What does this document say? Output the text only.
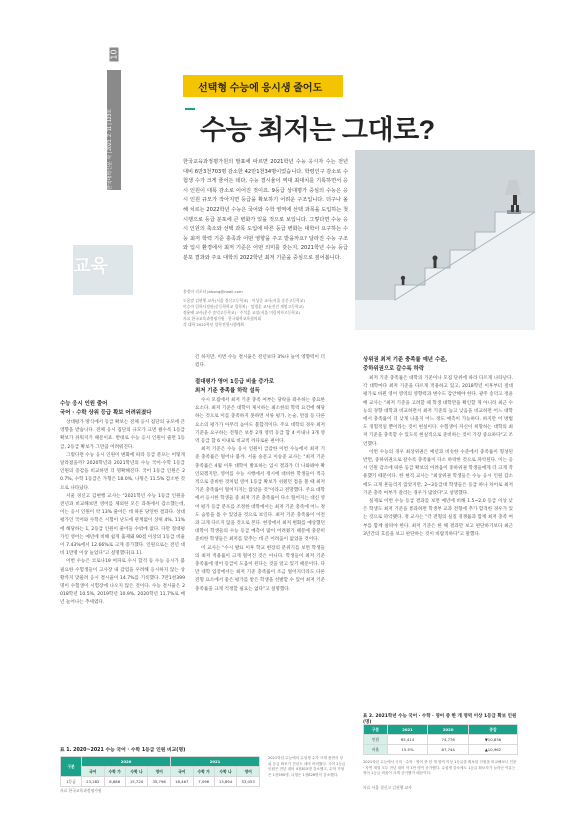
한국대학신문 사 | 2021. 2. 11 | 123호
10
교육
선택형 수능에 응시생 줄어도
수능 최저는 그대로?
한국교육과정평가원의 발표에 따르면 2021학년 수능 응시자 수는 전년 대비 6만3천703명 감소한 42만1천34명이었습니다. 학령인구 감소로 수험생 수가 크게 줄어든 데다, 수능 결시율이 역대 최대치를 기록하면서 응시 인원이 대폭 감소로 이어진 것이죠. 9등급 상대평가 중심의 수능은 응시 인원 규모가 작아지면 등급을 확보하기 어려운 구조입니다. 더구나 올해 치르는 2022학년 수능은 국어와 수학 영역에 선택 과목을 도입하는 첫 시행으로 등급 분포에 큰 변화가 있을 것으로 보입니다. 그렇다면 수능 응시 인원의 축소와 선택 과목 도입에 따른 등급 변화는 대학이 요구하는 수능 최저 학력 기준 충족과 어떤 영향을 주고 받을까요? 달라진 수능 구조와 입시 환경에서 최저 기준은 어떤 의미를 갖는지, 2021학년 수능 등급 분포 결과와 주요 대학의 2022학년 최저 기준을 중심으로 짚어봅니다.
홍정아 리포터 jahong@naeil.com
도움말 김현행 교사(서울 경신고등학교) · 이성준 교사(서울 숭문고등학교)
이승아 입학사정관(중등학학교 입학처) · 임병훈 교사(진건 계범고등학교)
정윤배 교사(운주 송덕고등학교) · 주석훈 교장(서울 미림여자고등학교)
자료 한국교육과정평가원 · 한국대학교육협의회
각 대학 2022학년 입학전형시행계획
수능 응시 인원 줄어
국어 · 수학 상위 등급 확보 어려워졌다

상대평가 방식에서 등급 확보는 전체 응시 집단의 규모에 큰 영향을 받습니다. 전체 응시 집단의 규모가 크면 클수록 1등급 확보가 쉬워지기 때문이죠. 반대로 수능 응시 인원이 줄면 1등급, 2등급 확보가 그만큼 어려워진다.

그렇다면 수능 응시 인원이 변화에 따라 등급 분포는 어떻게 달라졌을까? 2020학년과 2021학년의 수능 국어·수학 1등급 인원의 증감을 비교하면 더 명확해진다. 국어 1등급 인원은 20.7%, 수학 1등급은 가형은 18.0%, 나형은 11.5% 감소한 것으로 나타났다.

서울 경신고 김현행 교사는 "2021학년 수능 1등급 인원을 전년과 비교해보면 영어를 제외한 모든 과목에서 감소했는데, 이는 응시 인원이 약 13% 줄어든 데 따른 당연한 결과다. 상대평가인 국어와 수학은 시험이 난도에 관계없이 상위 4%, 11%에 해당하는 1, 2등급 인원이 줄어들 수밖에 없다. 다만 절대평가인 영어는 예년에 비해 쉽게 출제돼 90점 이상의 1등급 비율이 7.43%에서 12.66%로 크게 증가했다. 인원으로는 전년 대비 1만명 이상 늘었다"고 설명했다[표 1].

이번 수능은 코로나19 여파로 수시 합격 등 수능 응시가 불필요한 수험생들이 고사장 내 감염을 우려해 응시하지 않는 상황까지 맞물려 응시 결시율이 14.7%를 기록했다. 7만1천399명이 수험생이 시험장에 나오지 않은 것이다. 수능 결시율은 2018학년 10.5%, 2019학년 10.9%, 2020학년 11.7%로 매년 늘어나는 추세였다.

긴 하지만, 이번 수능 결시율은 전년보다 3%나 늘어 영향력이 더 컸다.
절대평가 영어 1등급 비율 증가로
최저 기준 충족률 하락 설득

수시 모집에서 최저 기준 충족 여부는 당락을 좌우하는 중요한 요소다. 최저 기준은 대학이 제시하는 최소한의 학력 요건에 해당하는 것으로 이를 충족하지 못하면 서류 평가, 논술, 면접 등 다른 요소의 평가가 아무리 높아도 불합격이다. 주요 대학의 경우 최저 기준을 요구하는 전형은 보통 2개 영역 등급 합 4 이내나 3개 영역 등급 합 6 이내로 비교적 까다로운 편이다.

최저 기준은 수능 응시 인원이 급감한 이번 수능에서 최저 기준 충족률은 떨어나 불까. 서울 숭문고 이승준 교사는 "최저 기준 충족률은 4월 이후 대학이 발표하는 입시 결과가 더 나와봐야 확인되겠지만, 영어를 수능 시행에서 정시에 대비한 학생들이 적극적으로 준비한 것처럼 영어 1등급 확보가 쉬웠던 점을 볼 때 최저 기준 충족률이 떨어지지는 않았을 것"이라고 전망했다. 주요 대학에서 응시한 학생들 중 최저 기준 충족률이 다소 떨어지는 대신 영어 평가 등급 분포를 조정한 대학에서는 최저 기준 충족에 어느 정도 숨통을 틀 수 있었을 것으로 보인다. 최저 기준 충족률이 이전과 크게 다르지 않을 것으로 본다. 현장에서 최저 변화를 예상했던 대학이 학생들의 수능 등급 예측이 많이 어려웠기 때문에 충분히 준비한 학생들은 최저를 맞추는 데 큰 어려움이 없었을 것이다.

이 교사는 "수시 발표 이후 학교 현장의 분위기를 보면 학생들의 최저 적용률이 크게 떨어진 것은 아니다. 학생들이 최저 기준 충족률에 영어 등급이 도움이 된다는 것을 알고 있기 때문이다. 다만 대학 입장에서는 최저 기준 충족률이 조금 떨어지더라도 다른 전형 요소에서 좋은 평가를 받은 학생을 선발할 수 있어 최저 기준 충족률을 크게 걱정할 필요는 없다"고 설명했다.

상위권 최저 기준 충족률 예년 수준,
중하위권으로 갈수록 하락

최저 기준 충족률은 대학의 기준이나 모집 단위에 따라 다르게 나타난다. 각 대학마다 최저 기준을 다르게 적용하고 있고, 2018학년 이후부터 절대평가로 바뀐 영어 영역의 영향력과 변수도 감안해야 한다. 광주 송덕고 정윤배 교사는 "최저 기준을 고려할 때 학생 대학만을 확인할 게 아니라 최근 수능의 경향 대학과 비교하면서 최저 기준의 높고 낮음을 비교하면 어느 대학에서 충족률이 더 낮게 나올지 어느 정도 예측이 가능하다. 하지만 이 방법도 경험적일 뿐이라는 것이 현실이다. 수험생이 자신이 희망하는 대학의 최저 기준을 충족할 수 있도록 현실적으로 준비하는 것이 가장 중요하다"고 조언했다.

이번 수능의 경우 최상위권은 예년과 비슷한 수준에서 충족률이 형성된 반면, 중하위권으로 갈수록 충족률이 다소 하락한 것으로 파악된다. 이는 응시 인원 감소에 따른 등급 확보의 어려움이 중하위권 학생들에게 더 크게 작용했기 때문이다. 한 현직 교사는 "최상위권 학생들은 수능 응시 인원 감소에도 크게 흔들리지 않았지만, 2~3등급대 학생들은 등급 하나 차이로 최저 기준 충족 여부가 갈리는 경우가 많았다"고 설명했다.

실제로 이번 수능 등급 결과를 보면 예년에 비해 1.5~2.0 등급 이상 낮은 학생도 최저 기준을 통과하면 학생부 교과 전형에 추가 합격한 경우가 있는 것으로 파악됐다. 정 교사는 "각 전형의 실질 경쟁률과 함께 최저 충족 여부를 함께 살펴야 한다. 최저 기준은 한 해 결과만 보고 판단하기보다 최근 3년간의 흐름을 보고 판단하는 것이 바람직하다"고 말했다.

표 1. 2020~2021 수능 국어 · 수학 1등급 인원 비교(명)
구분	2020				2021			
	국어	수학 가	수학 나	영어	국어	수학 가	수학 나	영어
1등급	23,282	8,686	15,720	35,796	18,467	7,096	13,894	53,053
자료 한국교육과정평가원
2021학년 수능에서 수험생 수가 크게 줄면서 상위 등급 확보가 전년도 대비 어려웠다. 국어 1등급 인원은 전년 대비 4천815명 감소했고, 수학 가형은 1천590명, 나형은 1천826명이 감소했다.
표 2. 2021학년 수능 국어 · 수학 · 영어 중 한 개 영역 이상 1등급 확보 인원(명)
구분	2021	2020	증감
인원	65,414	74,776	▼10,836
비율	15.5%	67,744	▲10,962
2021학년 수능에서 국어 · 수학 · 영어 중 한 개 영역 이상 1등급을 확보한 인원을 비교해보니 인문 · 자연 계열 모두 전년 대비 약 1만 명이 증가했다. 수험생 감소에도 1등급 확보자가 늘어난 이유는 영어 1등급 비율이 크게 증가했기 때문이다.
자료 서울 경신고 김현행 교사
